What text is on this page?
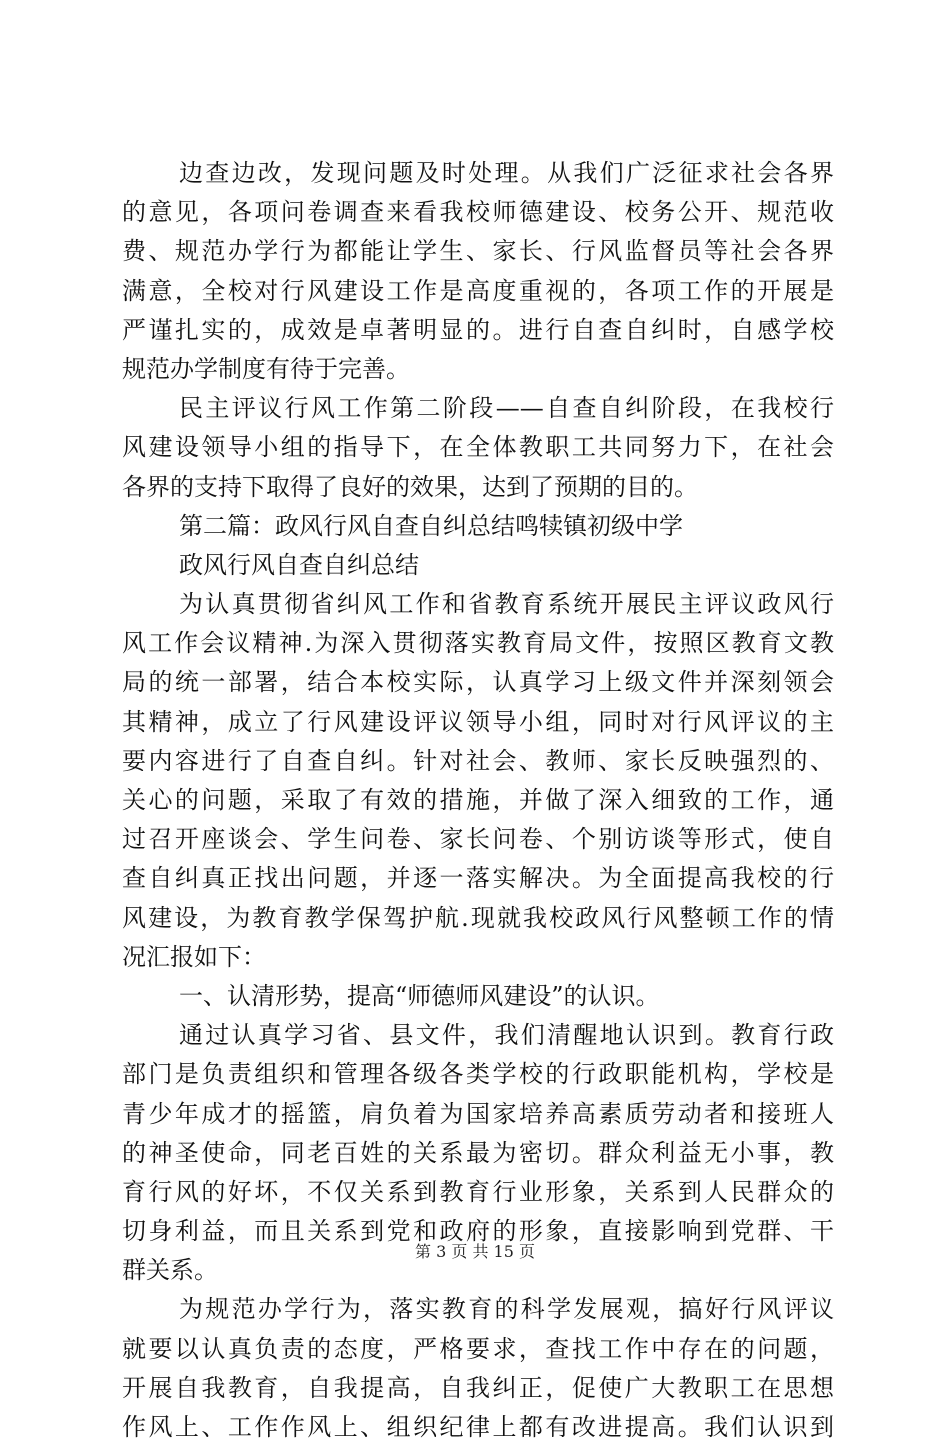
边查边改，发现问题及时处理。从我们广泛征求社会各界
的意见，各项问卷调查来看我校师德建设、校务公开、规范收
费、规范办学行为都能让学生、家长、行风监督员等社会各界
满意，全校对行风建设工作是高度重视的，各项工作的开展是
严谨扎实的，成效是卓著明显的。进行自查自纠时，自感学校
规范办学制度有待于完善。
民主评议行风工作第二阶段——自查自纠阶段，在我校行
风建设领导小组的指导下，在全体教职工共同努力下，在社会
各界的支持下取得了良好的效果，达到了预期的目的。
第二篇：政风行风自查自纠总结鸣犊镇初级中学
政风行风自查自纠总结
为认真贯彻省纠风工作和省教育系统开展民主评议政风行
风工作会议精神.为深入贯彻落实教育局文件，按照区教育文教
局的统一部署，结合本校实际，认真学习上级文件并深刻领会
其精神，成立了行风建设评议领导小组，同时对行风评议的主
要内容进行了自查自纠。针对社会、教师、家长反映强烈的、
关心的问题，采取了有效的措施，并做了深入细致的工作，通
过召开座谈会、学生问卷、家长问卷、个别访谈等形式，使自
查自纠真正找出问题，并逐一落实解决。为全面提高我校的行
风建设，为教育教学保驾护航.现就我校政风行风整顿工作的情
况汇报如下：
一、认清形势，提高“师德师风建设”的认识。
通过认真学习省、县文件，我们清醒地认识到。教育行政
部门是负责组织和管理各级各类学校的行政职能机构，学校是
青少年成才的摇篮，肩负着为国家培养高素质劳动者和接班人
的神圣使命，同老百姓的关系最为密切。群众利益无小事，教
育行风的好坏，不仅关系到教育行业形象，关系到人民群众的
切身利益，而且关系到党和政府的形象，直接影响到党群、干
群关系。
为规范办学行为，落实教育的科学发展观，搞好行风评议
就要以认真负责的态度，严格要求，查找工作中存在的问题，
开展自我教育，自我提高，自我纠正，促使广大教职工在思想
作风上、工作作风上、组织纪律上都有改进提高。我们认识到
第 3 页 共 15 页
